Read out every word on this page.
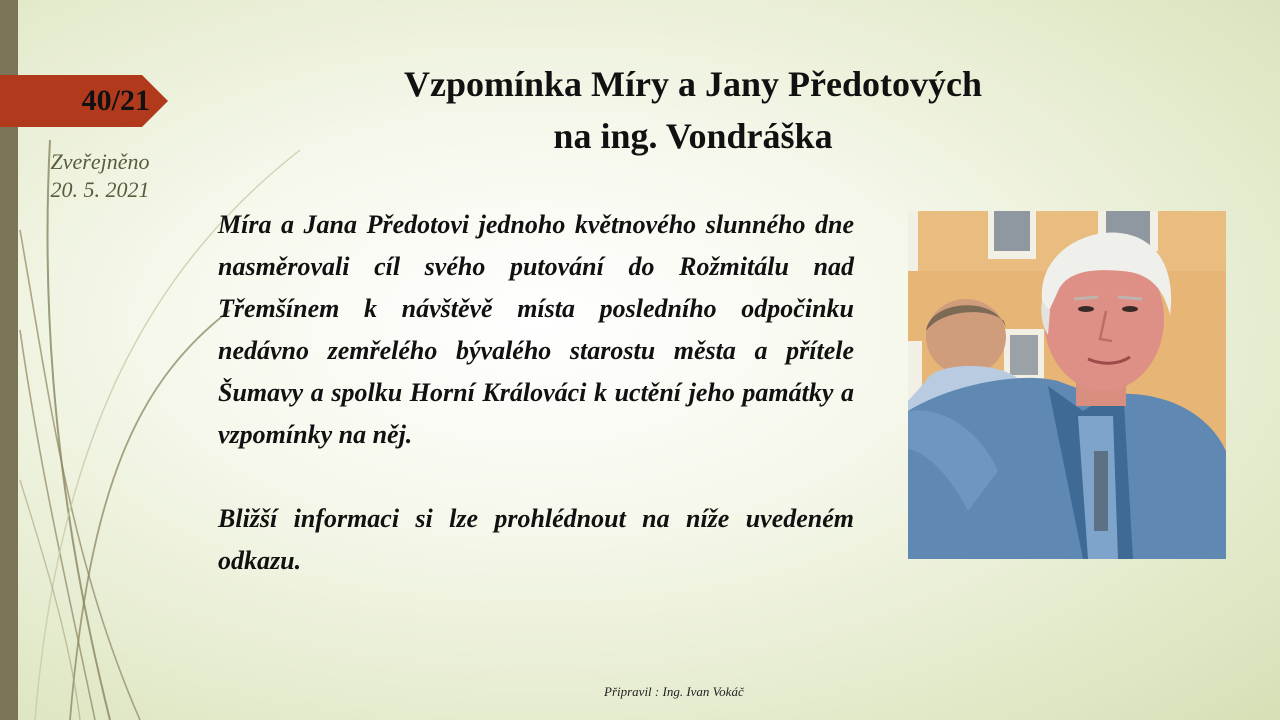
40/21
Zveřejněno
20. 5. 2021
Vzpomínka Míry a Jany Předotových
na ing. Vondráška

Míra a Jana Předotovi jednoho květnového slunného dne nasměrovali cíl svého putování do Rožmitálu nad Třemšínem k návštěvě místa posledního odpočinku nedávno zemřelého bývalého starostu města a přítele Šumavy a spolku Horní Králováci k uctění jeho památky a vzpomínky na něj.

Bližší informaci si lze prohlédnout na níže uvedeném odkazu.

Připravil : Ing. Ivan Vokáč
